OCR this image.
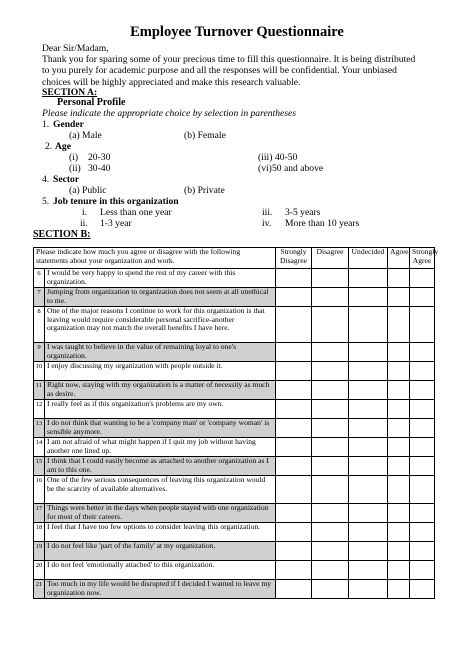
Employee Turnover Questionnaire
Dear Sir/Madam,
Thank you for sparing some of your precious time to fill this questionnaire. It is being distributed
to you purely for academic purpose and all the responses will be confidential. Your unbiased
choices will be highly appreciated and make this research valuable.
SECTION A:
Personal Profile
Please indicate the appropriate choice by selection in parentheses
1. Gender
(a) Male	(b) Female
2. Age
(i) 20-30
(ii) 30-40
(iii) 40-50
(vi) 50 and above
4. Sector
(a) Public	(b) Private
5. Job tenure in this organization
i. Less than one year
ii. 1-3 year
iii. 3-5 years
iv. More than 10 years
SECTION B:
Please indicate how much you agree or disagree with the following statements about your organization and work.		Strongly Disagree	Disagree	Undecided	Agree	Strongly Agree
6	I would be very happy to spend the rest of my career with this organization.					
7	Jumping from organization to organization does not seem at all unethical to me.					
8	One of the major reasons I continue to work for this organization is that leaving would require considerable personal sacrifice-another organization may not match the overall benefits I have here.					
9	I was taught to believe in the value of remaining loyal to one's organization.					
10	I enjoy discussing my organization with people outside it.					
11	Right now, staying with my organization is a matter of necessity as much as desire.					
12	I really feel as if this organization's problems are my own.					
13	I do not think that wanting to be a 'company man' or 'company woman' is sensible anymore.					
14	I am not afraid of what might happen if I quit my job without having another one lined up.					
15	I think that I could easily become as attached to another organization as I am to this one.					
16	One of the few serious consequences of leaving this organization would be the scarcity of available alternatives.					
17	Things were better in the days when people stayed with one organization for most of their careers.					
18	I feel that I have too few options to consider leaving this organization.					
19	I do not feel like 'part of the family' at my organization.					
20	I do not feel 'emotionally attached' to this organization.					
21	Too much in my life would be disrupted if I decided I wanted to leave my organization now.					
